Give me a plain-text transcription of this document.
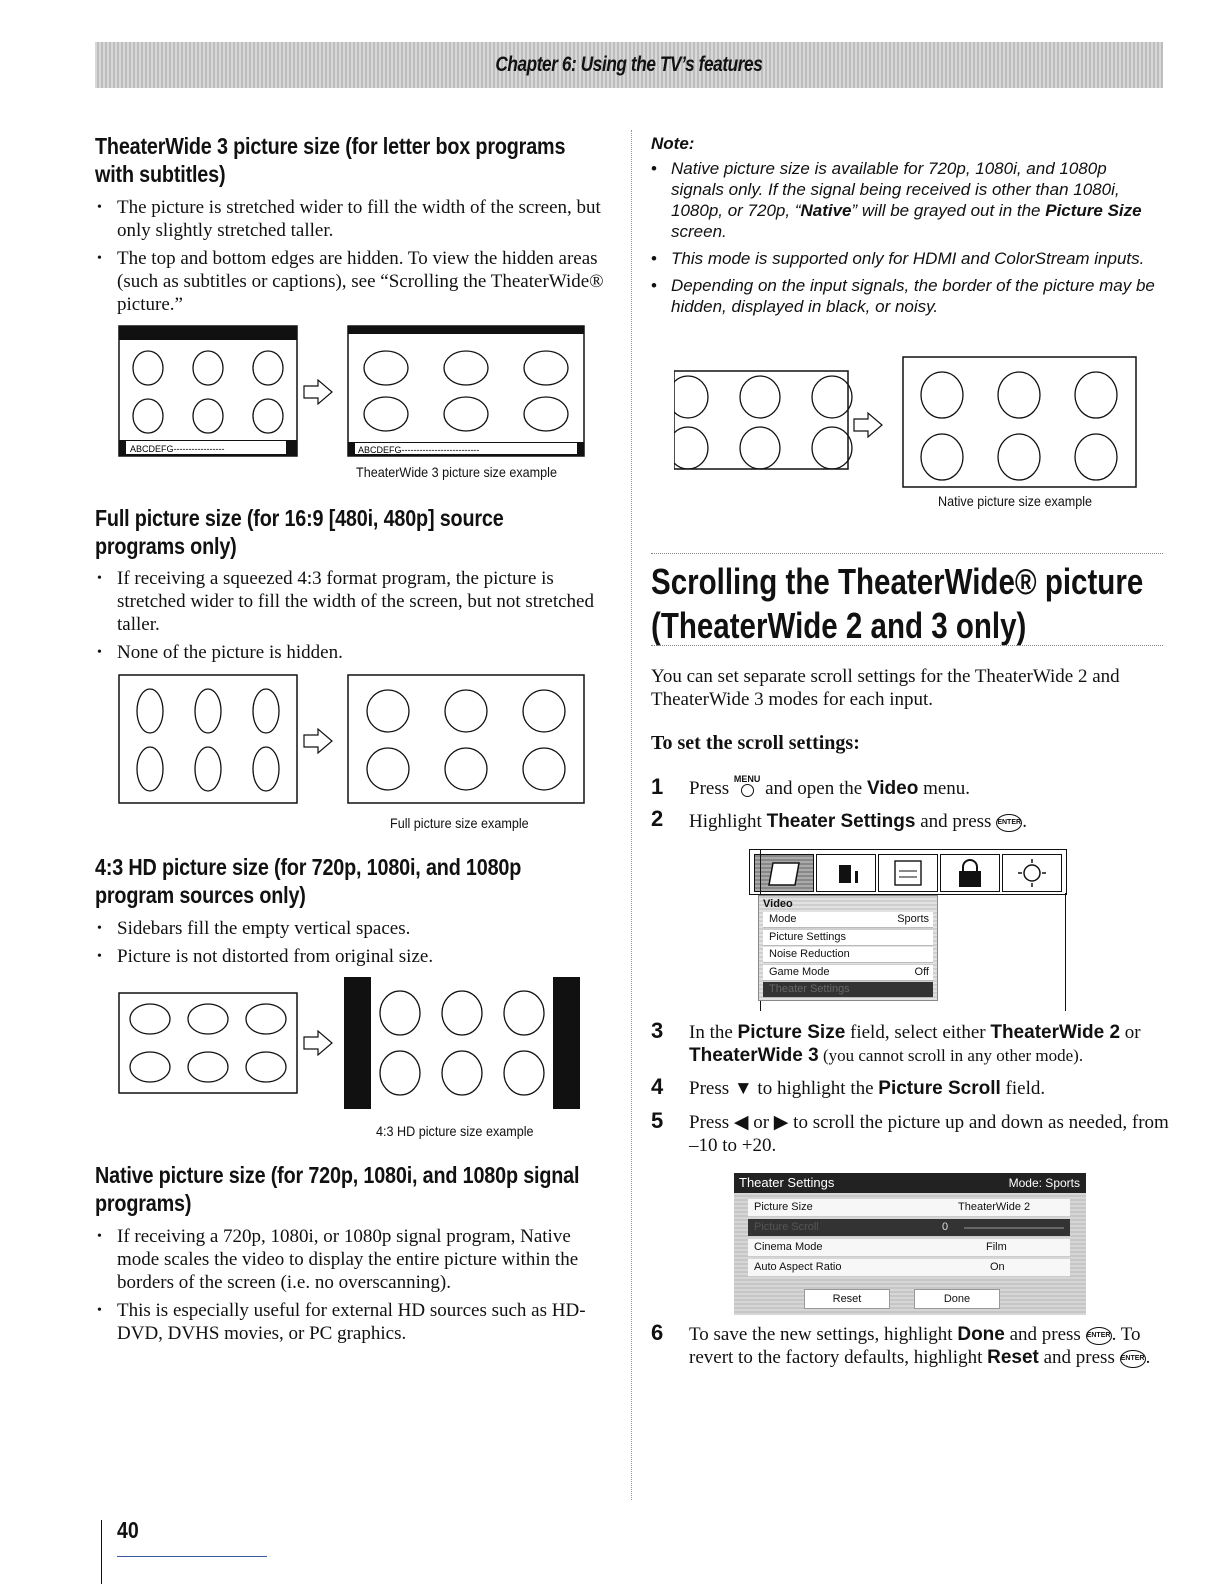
Chapter 6: Using the TV’s features
TheaterWide 3 picture size (for letter box programs
with subtitles)
• The picture is stretched wider to fill the width of the screen, but only slightly stretched taller.
• The top and bottom edges are hidden. To view the hidden areas (such as subtitles or captions), see “Scrolling the TheaterWide® picture.”
ABCDEFG-----------------	ABCDEFG--------------------------
TheaterWide 3 picture size example
Full picture size (for 16:9 [480i, 480p] source
programs only)
• If receiving a squeezed 4:3 format program, the picture is stretched wider to fill the width of the screen, but not stretched taller.
• None of the picture is hidden.
Full picture size example
4:3 HD picture size (for 720p, 1080i, and 1080p
program sources only)
• Sidebars fill the empty vertical spaces.
• Picture is not distorted from original size.
4:3 HD picture size example
Native picture size (for 720p, 1080i, and 1080p signal
programs)
• If receiving a 720p, 1080i, or 1080p signal program, Native mode scales the video to display the entire picture within the borders of the screen (i.e. no overscanning).
• This is especially useful for external HD sources such as HD-DVD, DVHS movies, or PC graphics.
Note:
• Native picture size is available for 720p, 1080i, and 1080p signals only. If the signal being received is other than 1080i, 1080p, or 720p, “Native” will be grayed out in the Picture Size screen.
• This mode is supported only for HDMI and ColorStream inputs.
• Depending on the input signals, the border of the picture may be hidden, displayed in black, or noisy.
Native picture size example
Scrolling the TheaterWide® picture
(TheaterWide 2 and 3 only)
You can set separate scroll settings for the TheaterWide 2 and TheaterWide 3 modes for each input.
To set the scroll settings:
1 Press MENU
and open the Video menu.
2 Highlight Theater Settings and press ENTER.
Video
Mode	Sports
Picture Settings
Noise Reduction
Game Mode	Off
Theater Settings
3 In the Picture Size field, select either TheaterWide 2 or TheaterWide 3 (you cannot scroll in any other mode).
4 Press ▼ to highlight the Picture Scroll field.
5 Press ◀ or ▶ to scroll the picture up and down as needed, from –10 to +20.
Theater Settings	Mode: Sports
Picture Size	TheaterWide 2
Picture Scroll	0
Cinema Mode	Film
Auto Aspect Ratio	On
Reset	Done
6 To save the new settings, highlight Done and press ENTER. To revert to the factory defaults, highlight Reset and press ENTER.
40
